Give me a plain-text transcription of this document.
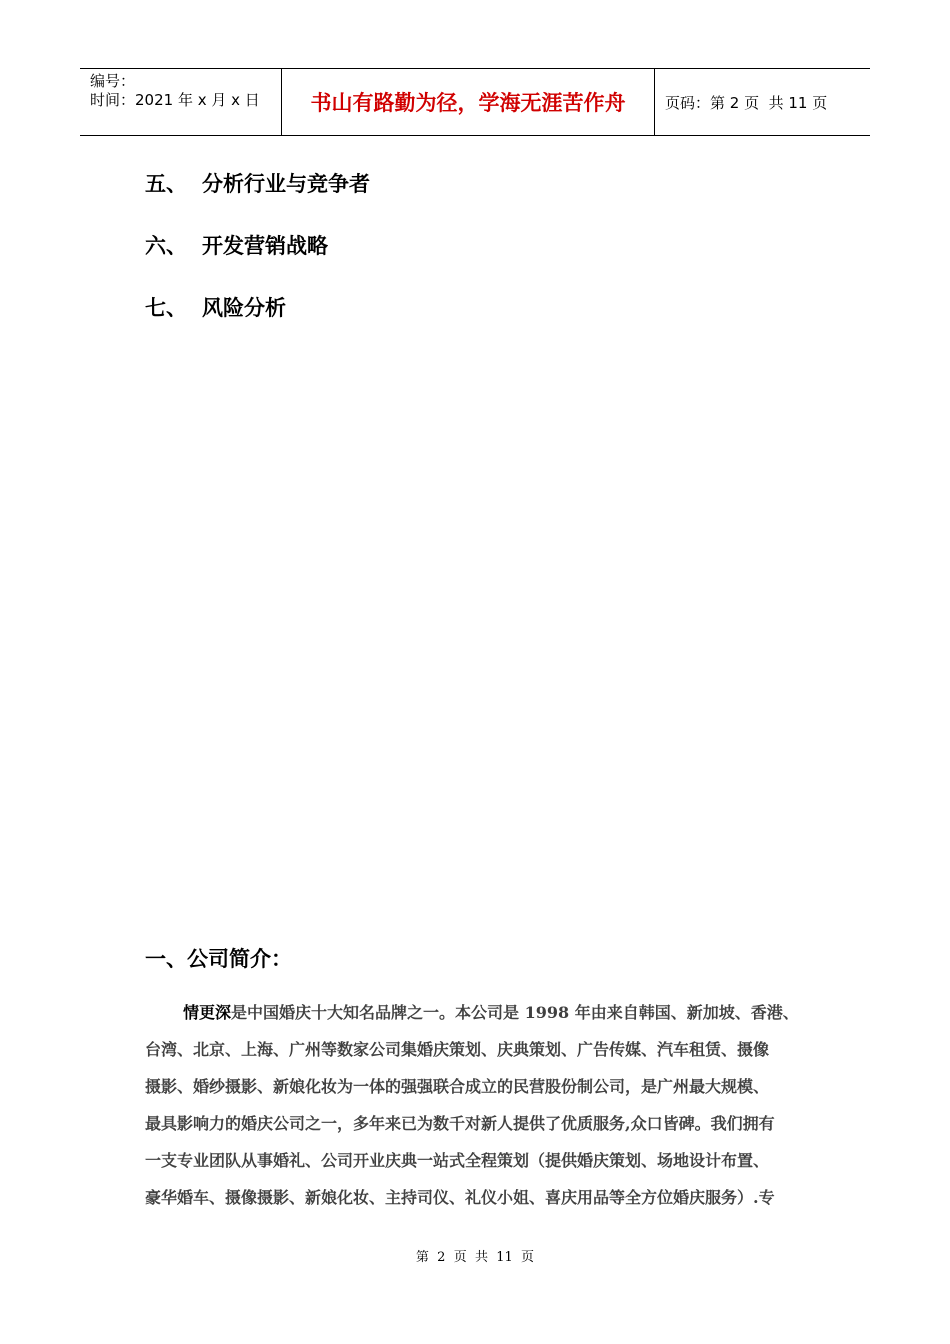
编号：
时间：2021 年 x 月 x 日	书山有路勤为径，学海无涯苦作舟	页码：第 2 页  共 11 页
五、 分析行业与竞争者
六、 开发营销战略
七、 风险分析
一、公司简介：
情更深是中国婚庆十大知名品牌之一。本公司是 1998 年由来自韩国、新加坡、香港、
台湾、北京、上海、广州等数家公司集婚庆策划、庆典策划、广告传媒、汽车租赁、摄像
摄影、婚纱摄影、新娘化妆为一体的强强联合成立的民营股份制公司，是广州最大规模、
最具影响力的婚庆公司之一，多年来已为数千对新人提供了优质服务,众口皆碑。我们拥有
一支专业团队从事婚礼、公司开业庆典一站式全程策划（提供婚庆策划、场地设计布置、
豪华婚车、摄像摄影、新娘化妆、主持司仪、礼仪小姐、喜庆用品等全方位婚庆服务）.专
第  2  页  共  11  页
